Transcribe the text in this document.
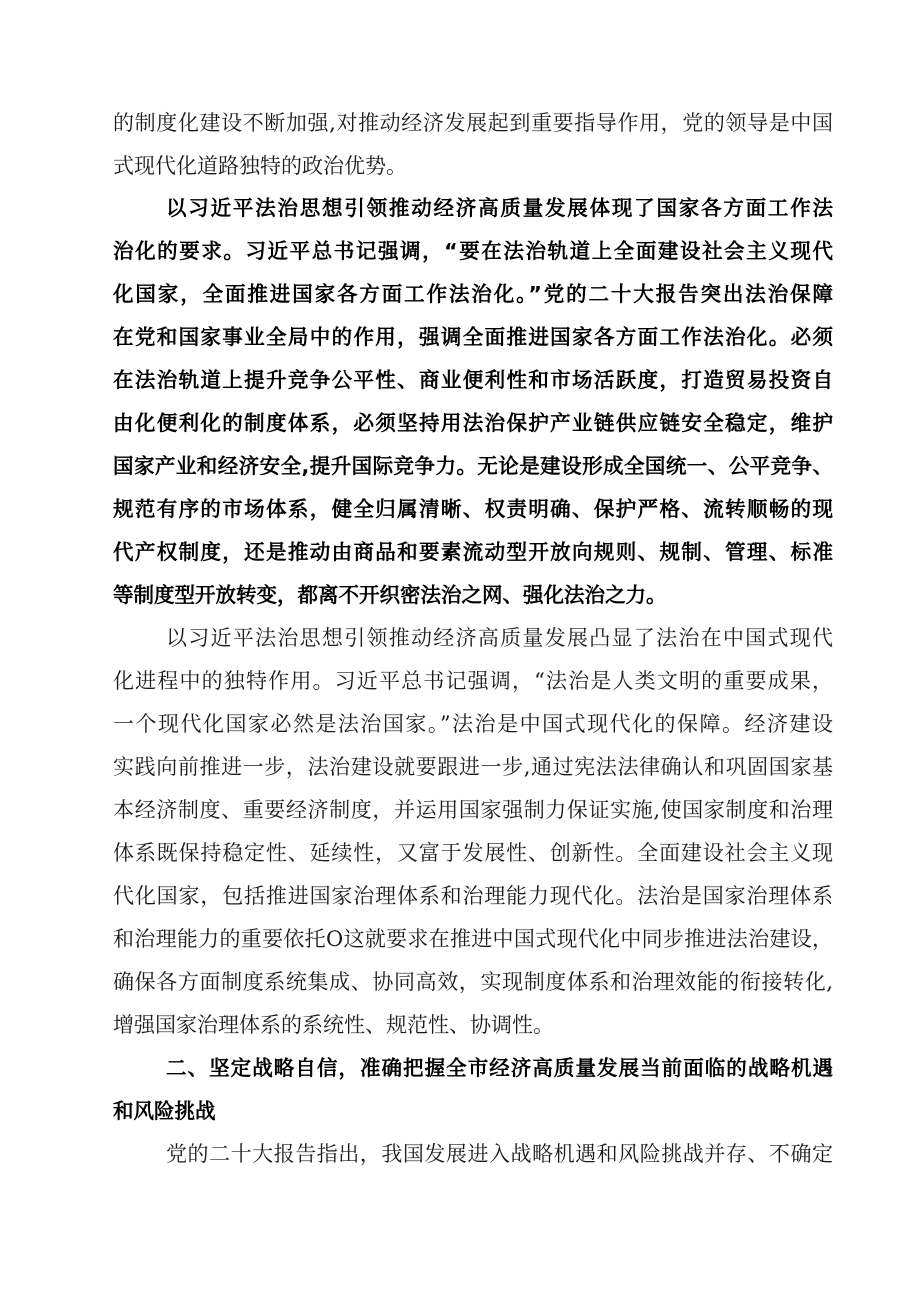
的制度化建设不断加强,对推动经济发展起到重要指导作用，党的领导是中国
式现代化道路独特的政治优势。
以习近平法治思想引领推动经济高质量发展体现了国家各方面工作法
治化的要求。习近平总书记强调，“要在法治轨道上全面建设社会主义现代
化国家，全面推进国家各方面工作法治化。”党的二十大报告突出法治保障
在党和国家事业全局中的作用，强调全面推进国家各方面工作法治化。必须
在法治轨道上提升竞争公平性、商业便利性和市场活跃度，打造贸易投资自
由化便利化的制度体系，必须坚持用法治保护产业链供应链安全稳定，维护
国家产业和经济安全,提升国际竞争力。无论是建设形成全国统一、公平竞争、
规范有序的市场体系，健全归属清晰、权责明确、保护严格、流转顺畅的现
代产权制度，还是推动由商品和要素流动型开放向规则、规制、管理、标准
等制度型开放转变，都离不开织密法治之网、强化法治之力。
以习近平法治思想引领推动经济高质量发展凸显了法治在中国式现代
化进程中的独特作用。习近平总书记强调，“法治是人类文明的重要成果，
一个现代化国家必然是法治国家。”法治是中国式现代化的保障。经济建设
实践向前推进一步，法治建设就要跟进一步,通过宪法法律确认和巩固国家基
本经济制度、重要经济制度，并运用国家强制力保证实施,使国家制度和治理
体系既保持稳定性、延续性，又富于发展性、创新性。全面建设社会主义现
代化国家，包括推进国家治理体系和治理能力现代化。法治是国家治理体系
和治理能力的重要依托O这就要求在推进中国式现代化中同步推进法治建设，
确保各方面制度系统集成、协同高效，实现制度体系和治理效能的衔接转化,
增强国家治理体系的系统性、规范性、协调性。
二、坚定战略自信，准确把握全市经济高质量发展当前面临的战略机遇
和风险挑战
党的二十大报告指出，我国发展进入战略机遇和风险挑战并存、不确定
